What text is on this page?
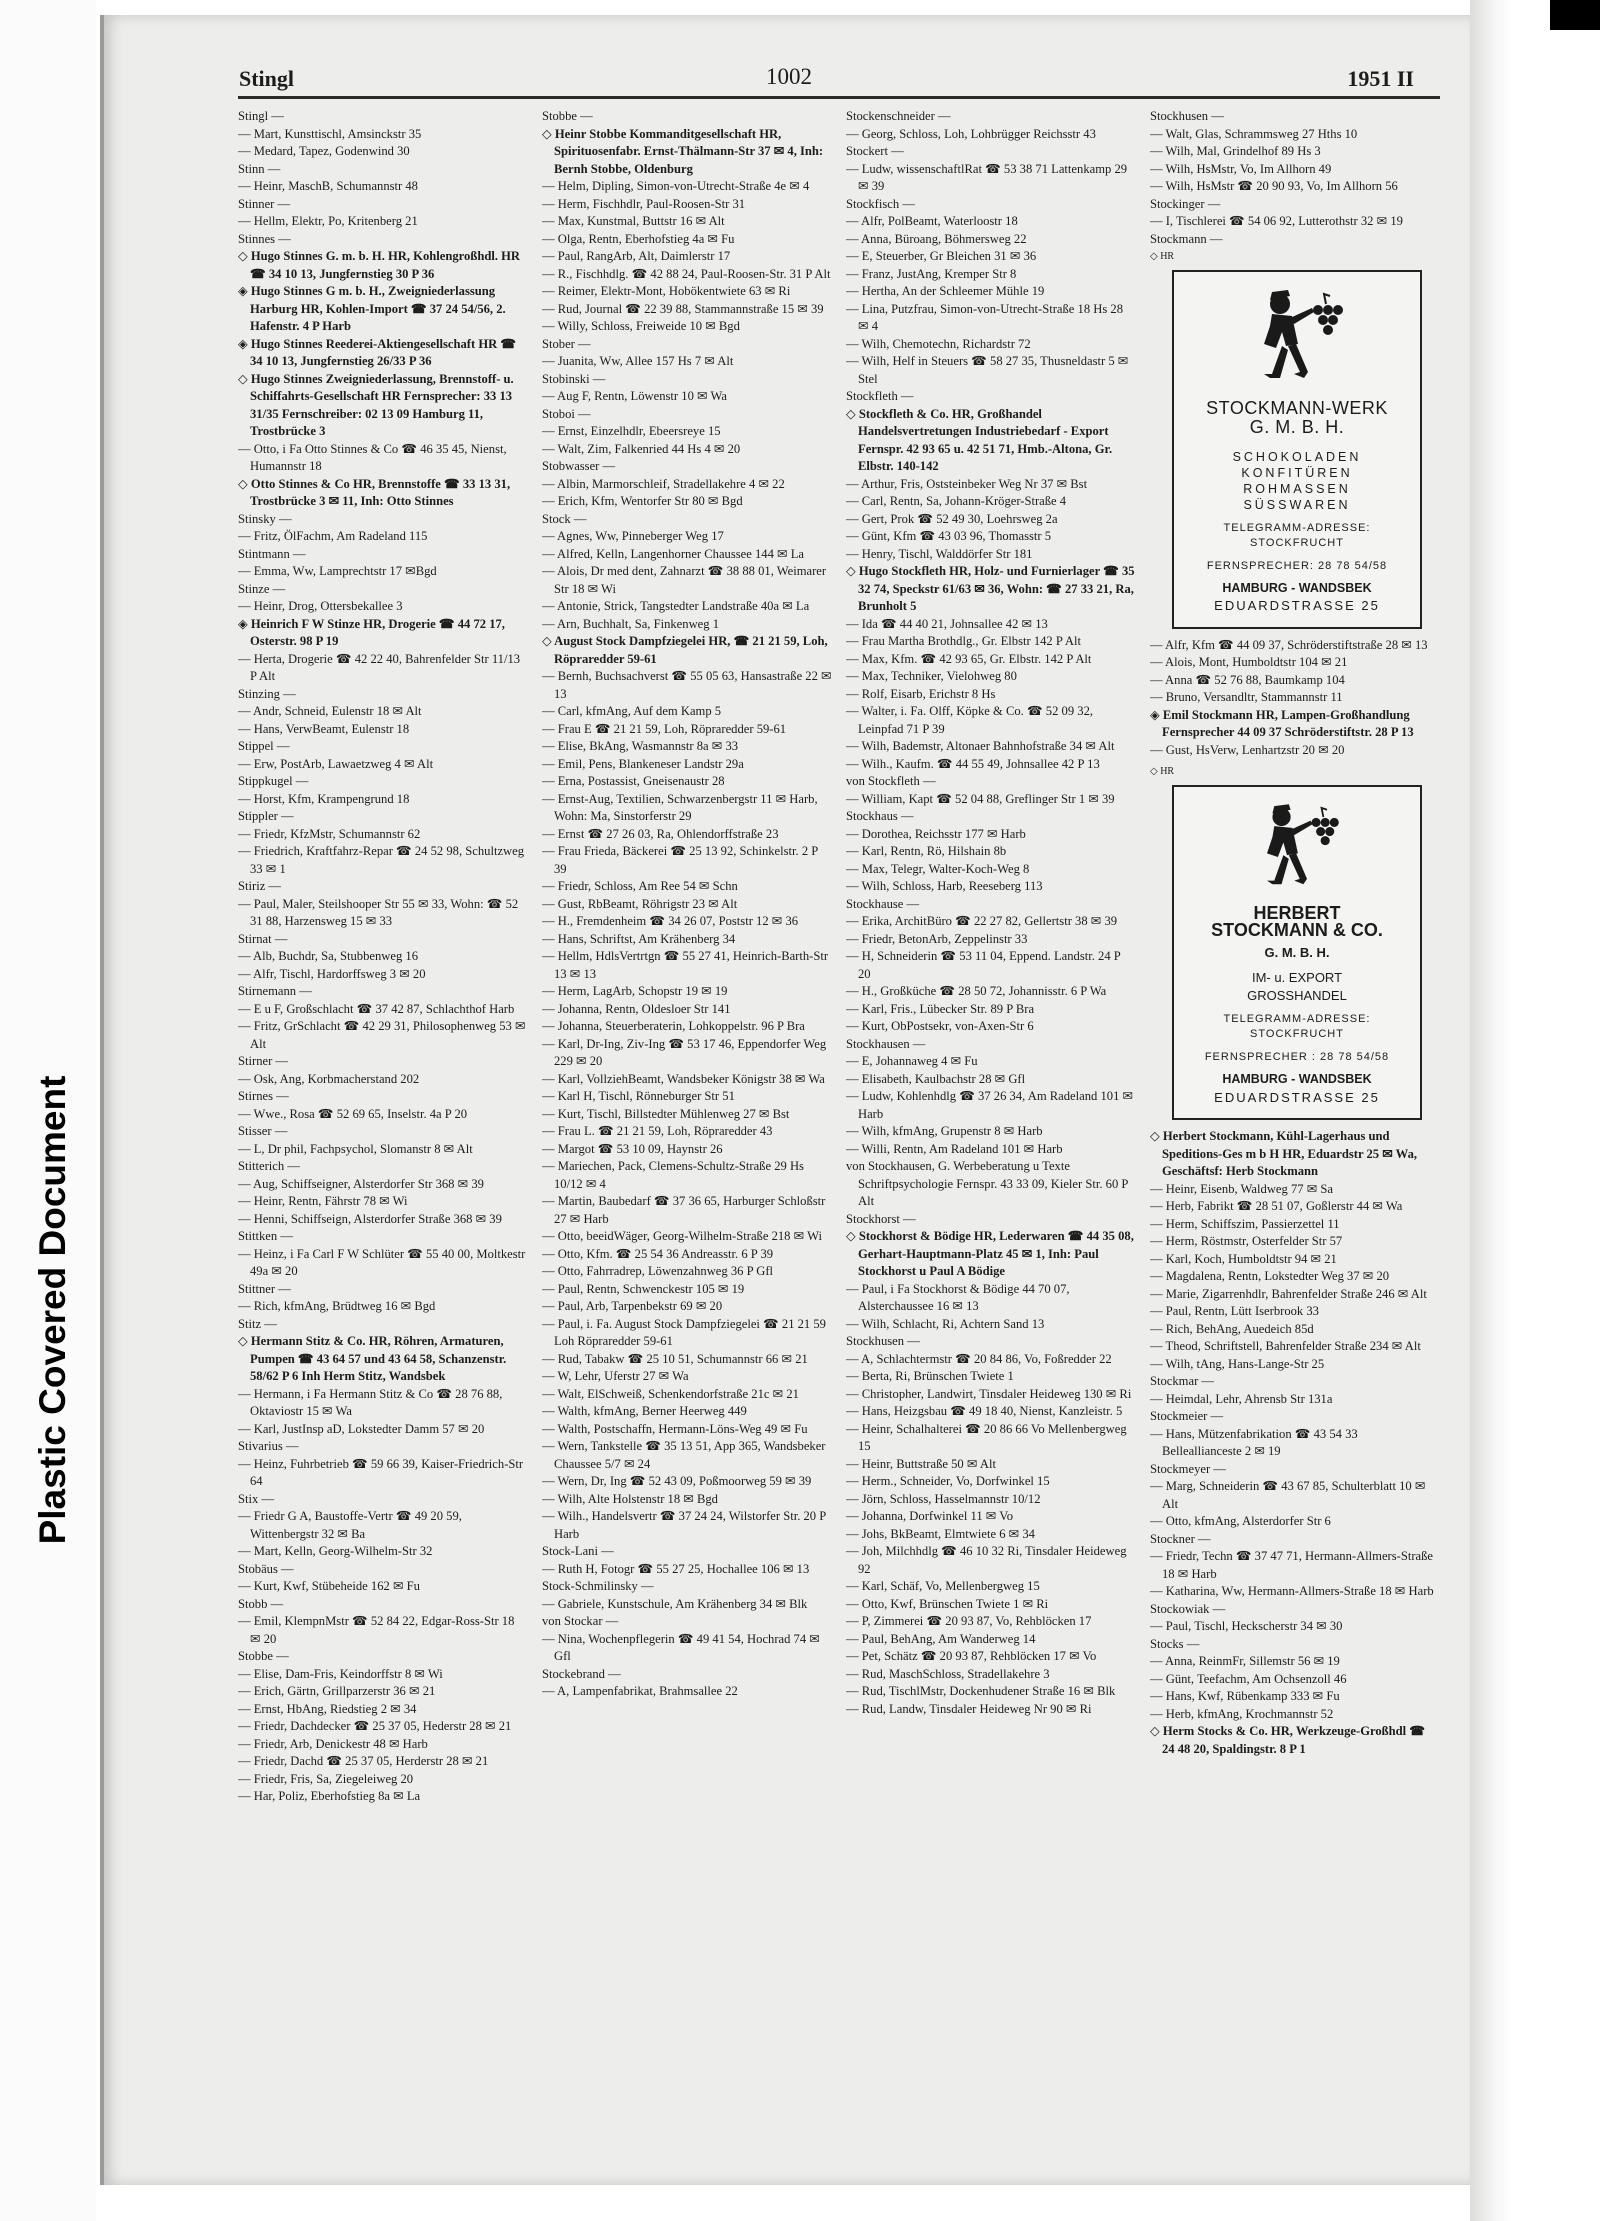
Plastic Covered Document
Stingl	1002	1951 II

Stingl —

— Mart, Kunsttischl, Amsinckstr 35

— Medard, Tapez, Godenwind 30

Stinn —

— Heinr, MaschB, Schumannstr 48

Stinner —

— Hellm, Elektr, Po, Kritenberg 21

Stinnes —

◇ Hugo Stinnes G. m. b. H. HR, Kohlengroßhdl. HR ☎ 34 10 13, Jungfernstieg 30 P 36

◈ Hugo Stinnes G m. b. H., Zweigniederlassung Harburg HR, Kohlen-Import ☎ 37 24 54/56, 2. Hafenstr. 4 P Harb

◈ Hugo Stinnes Reederei-Aktiengesellschaft HR ☎ 34 10 13, Jungfernstieg 26/33 P 36

◇ Hugo Stinnes Zweigniederlassung, Brennstoff- u. Schiffahrts-Gesellschaft HR Fernsprecher: 33 13 31/35 Fernschreiber: 02 13 09 Hamburg 11, Trostbrücke 3

— Otto, i Fa Otto Stinnes & Co ☎ 46 35 45, Nienst, Humannstr 18

◇ Otto Stinnes & Co HR, Brennstoffe ☎ 33 13 31, Trostbrücke 3 ✉ 11, Inh: Otto Stinnes

Stinsky —

— Fritz, ÖlFachm, Am Radeland 115

Stintmann —

— Emma, Ww, Lamprechtstr 17 ✉Bgd

Stinze —

— Heinr, Drog, Ottersbekallee 3

◈ Heinrich F W Stinze HR, Drogerie ☎ 44 72 17, Osterstr. 98 P 19

— Herta, Drogerie ☎ 42 22 40, Bahrenfelder Str 11/13 P Alt

Stinzing —

— Andr, Schneid, Eulenstr 18 ✉ Alt

— Hans, VerwBeamt, Eulenstr 18

Stippel —

— Erw, PostArb, Lawaetzweg 4 ✉ Alt

Stippkugel —

— Horst, Kfm, Krampengrund 18

Stippler —

— Friedr, KfzMstr, Schumannstr 62

— Friedrich, Kraftfahrz-Repar ☎ 24 52 98, Schultzweg 33 ✉ 1

Stiriz —

— Paul, Maler, Steilshooper Str 55 ✉ 33, Wohn: ☎ 52 31 88, Harzensweg 15 ✉ 33

Stirnat —

— Alb, Buchdr, Sa, Stubbenweg 16

— Alfr, Tischl, Hardorffsweg 3 ✉ 20

Stirnemann —

— E u F, Großschlacht ☎ 37 42 87, Schlachthof Harb

— Fritz, GrSchlacht ☎ 42 29 31, Philosophenweg 53 ✉ Alt

Stirner —

— Osk, Ang, Korbmacherstand 202

Stirnes —

— Wwe., Rosa ☎ 52 69 65, Inselstr. 4a P 20

Stisser —

— L, Dr phil, Fachpsychol, Slomanstr 8 ✉ Alt

Stitterich —

— Aug, Schiffseigner, Alsterdorfer Str 368 ✉ 39

— Heinr, Rentn, Fährstr 78 ✉ Wi

— Henni, Schiffseign, Alsterdorfer Straße 368 ✉ 39

Stittken —

— Heinz, i Fa Carl F W Schlüter ☎ 55 40 00, Moltkestr 49a ✉ 20

Stittner —

— Rich, kfmAng, Brüdtweg 16 ✉ Bgd

Stitz —

◇ Hermann Stitz & Co. HR, Röhren, Armaturen, Pumpen ☎ 43 64 57 und 43 64 58, Schanzenstr. 58/62 P 6 Inh Herm Stitz, Wandsbek

— Hermann, i Fa Hermann Stitz & Co ☎ 28 76 88, Oktaviostr 15 ✉ Wa

— Karl, JustInsp aD, Lokstedter Damm 57 ✉ 20

Stivarius —

— Heinz, Fuhrbetrieb ☎ 59 66 39, Kaiser-Friedrich-Str 64

Stix —

— Friedr G A, Baustoffe-Vertr ☎ 49 20 59, Wittenbergstr 32 ✉ Ba

— Mart, Kelln, Georg-Wilhelm-Str 32

Stobäus —

— Kurt, Kwf, Stübeheide 162 ✉ Fu

Stobb —

— Emil, KlempnMstr ☎ 52 84 22, Edgar-Ross-Str 18 ✉ 20

Stobbe —

— Elise, Dam-Fris, Keindorffstr 8 ✉ Wi

— Erich, Gärtn, Grillparzerstr 36 ✉ 21

— Ernst, HbAng, Riedstieg 2 ✉ 34

— Friedr, Dachdecker ☎ 25 37 05, Hederstr 28 ✉ 21

— Friedr, Arb, Denickestr 48 ✉ Harb

— Friedr, Dachd ☎ 25 37 05, Herderstr 28 ✉ 21

— Friedr, Fris, Sa, Ziegeleiweg 20

— Har, Poliz, Eberhofstieg 8a ✉ La

Stobbe —

◇ Heinr Stobbe Kommanditgesellschaft HR, Spirituosenfabr. Ernst-Thälmann-Str 37 ✉ 4, Inh: Bernh Stobbe, Oldenburg

— Helm, Dipling, Simon-von-Utrecht-Straße 4e ✉ 4

— Herm, Fischhdlr, Paul-Roosen-Str 31

— Max, Kunstmal, Buttstr 16 ✉ Alt

— Olga, Rentn, Eberhofstieg 4a ✉ Fu

— Paul, RangArb, Alt, Daimlerstr 17

— R., Fischhdlg. ☎ 42 88 24, Paul-Roosen-Str. 31 P Alt

— Reimer, Elektr-Mont, Hobökentwiete 63 ✉ Ri

— Rud, Journal ☎ 22 39 88, Stammannstraße 15 ✉ 39

— Willy, Schloss, Freiweide 10 ✉ Bgd

Stober —

— Juanita, Ww, Allee 157 Hs 7 ✉ Alt

Stobinski —

— Aug F, Rentn, Löwenstr 10 ✉ Wa

Stoboi —

— Ernst, Einzelhdlr, Ebeersreye 15

— Walt, Zim, Falkenried 44 Hs 4 ✉ 20

Stobwasser —

— Albin, Marmorschleif, Stradellakehre 4 ✉ 22

— Erich, Kfm, Wentorfer Str 80 ✉ Bgd

Stock —

— Agnes, Ww, Pinneberger Weg 17

— Alfred, Kelln, Langenhorner Chaussee 144 ✉ La

— Alois, Dr med dent, Zahnarzt ☎ 38 88 01, Weimarer Str 18 ✉ Wi

— Antonie, Strick, Tangstedter Landstraße 40a ✉ La

— Arn, Buchhalt, Sa, Finkenweg 1

◇ August Stock Dampfziegelei HR, ☎ 21 21 59, Loh, Röpraredder 59-61

— Bernh, Buchsachverst ☎ 55 05 63, Hansastraße 22 ✉ 13

— Carl, kfmAng, Auf dem Kamp 5

— Frau E ☎ 21 21 59, Loh, Röpraredder 59-61

— Elise, BkAng, Wasmannstr 8a ✉ 33

— Emil, Pens, Blankeneser Landstr 29a

— Erna, Postassist, Gneisenaustr 28

— Ernst-Aug, Textilien, Schwarzenbergstr 11 ✉ Harb, Wohn: Ma, Sinstorferstr 29

— Ernst ☎ 27 26 03, Ra, Ohlendorffstraße 23

— Frau Frieda, Bäckerei ☎ 25 13 92, Schinkelstr. 2 P 39

— Friedr, Schloss, Am Ree 54 ✉ Schn

— Gust, RbBeamt, Röhrigstr 23 ✉ Alt

— H., Fremdenheim ☎ 34 26 07, Poststr 12 ✉ 36

— Hans, Schriftst, Am Krähenberg 34

— Hellm, HdlsVertrtgn ☎ 55 27 41, Heinrich-Barth-Str 13 ✉ 13

— Herm, LagArb, Schopstr 19 ✉ 19

— Johanna, Rentn, Oldesloer Str 141

— Johanna, Steuerberaterin, Lohkoppelstr. 96 P Bra

— Karl, Dr-Ing, Ziv-Ing ☎ 53 17 46, Eppendorfer Weg 229 ✉ 20

— Karl, VollziehBeamt, Wandsbeker Königstr 38 ✉ Wa

— Karl H, Tischl, Rönneburger Str 51

— Kurt, Tischl, Billstedter Mühlenweg 27 ✉ Bst

— Frau L. ☎ 21 21 59, Loh, Röpraredder 43

— Margot ☎ 53 10 09, Haynstr 26

— Mariechen, Pack, Clemens-Schultz-Straße 29 Hs 10/12 ✉ 4

— Martin, Baubedarf ☎ 37 36 65, Harburger Schloßstr 27 ✉ Harb

— Otto, beeidWäger, Georg-Wilhelm-Straße 218 ✉ Wi

— Otto, Kfm. ☎ 25 54 36 Andreasstr. 6 P 39

— Otto, Fahrradrep, Löwenzahnweg 36 P Gfl

— Paul, Rentn, Schwenckestr 105 ✉ 19

— Paul, Arb, Tarpenbekstr 69 ✉ 20

— Paul, i. Fa. August Stock Dampfziegelei ☎ 21 21 59 Loh Röpraredder 59-61

— Rud, Tabakw ☎ 25 10 51, Schumannstr 66 ✉ 21

— W, Lehr, Uferstr 27 ✉ Wa

— Walt, ElSchweiß, Schenkendorfstraße 21c ✉ 21

— Walth, kfmAng, Berner Heerweg 449

— Walth, Postschaffn, Hermann-Löns-Weg 49 ✉ Fu

— Wern, Tankstelle ☎ 35 13 51, App 365, Wandsbeker Chaussee 5/7 ✉ 24

— Wern, Dr, Ing ☎ 52 43 09, Poßmoorweg 59 ✉ 39

— Wilh, Alte Holstenstr 18 ✉ Bgd

— Wilh., Handelsvertr ☎ 37 24 24, Wilstorfer Str. 20 P Harb

Stock-Lani —

— Ruth H, Fotogr ☎ 55 27 25, Hochallee 106 ✉ 13

Stock-Schmilinsky —

— Gabriele, Kunstschule, Am Krähenberg 34 ✉ Blk

von Stockar —

— Nina, Wochenpflegerin ☎ 49 41 54, Hochrad 74 ✉ Gfl

Stockebrand —

— A, Lampenfabrikat, Brahmsallee 22

Stockenschneider —

— Georg, Schloss, Loh, Lohbrügger Reichsstr 43

Stockert —

— Ludw, wissenschaftlRat ☎ 53 38 71 Lattenkamp 29 ✉ 39

Stockfisch —

— Alfr, PolBeamt, Waterloostr 18

— Anna, Büroang, Böhmersweg 22

— E, Steuerber, Gr Bleichen 31 ✉ 36

— Franz, JustAng, Kremper Str 8

— Hertha, An der Schleemer Mühle 19

— Lina, Putzfrau, Simon-von-Utrecht-Straße 18 Hs 28 ✉ 4

— Wilh, Chemotechn, Richardstr 72

— Wilh, Helf in Steuers ☎ 58 27 35, Thusneldastr 5 ✉ Stel

Stockfleth —

◇ Stockfleth & Co. HR, Großhandel Handelsvertretungen Industriebedarf - Export Fernspr. 42 93 65 u. 42 51 71, Hmb.-Altona, Gr. Elbstr. 140-142

— Arthur, Fris, Oststeinbeker Weg Nr 37 ✉ Bst

— Carl, Rentn, Sa, Johann-Kröger-Straße 4

— Gert, Prok ☎ 52 49 30, Loehrsweg 2a

— Günt, Kfm ☎ 43 03 96, Thomasstr 5

— Henry, Tischl, Walddörfer Str 181

◇ Hugo Stockfleth HR, Holz- und Furnierlager ☎ 35 32 74, Speckstr 61/63 ✉ 36, Wohn: ☎ 27 33 21, Ra, Brunholt 5

— Ida ☎ 44 40 21, Johnsallee 42 ✉ 13

— Frau Martha Brothdlg., Gr. Elbstr 142 P Alt

— Max, Kfm. ☎ 42 93 65, Gr. Elbstr. 142 P Alt

— Max, Techniker, Vielohweg 80

— Rolf, Eisarb, Erichstr 8 Hs

— Walter, i. Fa. Olff, Köpke & Co. ☎ 52 09 32, Leinpfad 71 P 39

— Wilh, Bademstr, Altonaer Bahnhofstraße 34 ✉ Alt

— Wilh., Kaufm. ☎ 44 55 49, Johnsallee 42 P 13

von Stockfleth —

— William, Kapt ☎ 52 04 88, Greflinger Str 1 ✉ 39

Stockhaus —

— Dorothea, Reichsstr 177 ✉ Harb

— Karl, Rentn, Rö, Hilshain 8b

— Max, Telegr, Walter-Koch-Weg 8

— Wilh, Schloss, Harb, Reeseberg 113

Stockhause —

— Erika, ArchitBüro ☎ 22 27 82, Gellertstr 38 ✉ 39

— Friedr, BetonArb, Zeppelinstr 33

— H, Schneiderin ☎ 53 11 04, Eppend. Landstr. 24 P 20

— H., Großküche ☎ 28 50 72, Johannisstr. 6 P Wa

— Karl, Fris., Lübecker Str. 89 P Bra

— Kurt, ObPostsekr, von-Axen-Str 6

Stockhausen —

— E, Johannaweg 4 ✉ Fu

— Elisabeth, Kaulbachstr 28 ✉ Gfl

— Ludw, Kohlenhdlg ☎ 37 26 34, Am Radeland 101 ✉ Harb

— Wilh, kfmAng, Grupenstr 8 ✉ Harb

— Willi, Rentn, Am Radeland 101 ✉ Harb

von Stockhausen, G. Werbeberatung u Texte Schriftpsychologie Fernspr. 43 33 09, Kieler Str. 60 P Alt

Stockhorst —

◇ Stockhorst & Bödige HR, Lederwaren ☎ 44 35 08, Gerhart-Hauptmann-Platz 45 ✉ 1, Inh: Paul Stockhorst u Paul A Bödige

— Paul, i Fa Stockhorst & Bödige 44 70 07, Alsterchaussee 16 ✉ 13

— Wilh, Schlacht, Ri, Achtern Sand 13

Stockhusen —

— A, Schlachtermstr ☎ 20 84 86, Vo, Foßredder 22

— Berta, Ri, Brünschen Twiete 1

— Christopher, Landwirt, Tinsdaler Heideweg 130 ✉ Ri

— Hans, Heizgsbau ☎ 49 18 40, Nienst, Kanzleistr. 5

— Heinr, Schalhalterei ☎ 20 86 66 Vo Mellenbergweg 15

— Heinr, Buttstraße 50 ✉ Alt

— Herm., Schneider, Vo, Dorfwinkel 15

— Jörn, Schloss, Hasselmannstr 10/12

— Johanna, Dorfwinkel 11 ✉ Vo

— Johs, BkBeamt, Elmtwiete 6 ✉ 34

— Joh, Milchhdlg ☎ 46 10 32 Ri, Tinsdaler Heideweg 92

— Karl, Schäf, Vo, Mellenbergweg 15

— Otto, Kwf, Brünschen Twiete 1 ✉ Ri

— P, Zimmerei ☎ 20 93 87, Vo, Rehblöcken 17

— Paul, BehAng, Am Wanderweg 14

— Pet, Schätz ☎ 20 93 87, Rehblöcken 17 ✉ Vo

— Rud, MaschSchloss, Stradellakehre 3

— Rud, TischlMstr, Dockenhudener Straße 16 ✉ Blk

— Rud, Landw, Tinsdaler Heideweg Nr 90 ✉ Ri

Stockhusen —

— Walt, Glas, Schrammsweg 27 Hths 10

— Wilh, Mal, Grindelhof 89 Hs 3

— Wilh, HsMstr, Vo, Im Allhorn 49

— Wilh, HsMstr ☎ 20 90 93, Vo, Im Allhorn 56

Stockinger —

— I, Tischlerei ☎ 54 06 92, Lutterothstr 32 ✉ 19

Stockmann —

◇ HR
STOCKMANN-WERK
G. M. B. H.
SCHOKOLADEN
KONFITÜREN
ROHMASSEN
SÜSSWAREN
TELEGRAMM-ADRESSE:
STOCKFRUCHT
FERNSPRECHER: 28 78 54/58
HAMBURG - WANDSBEK
EDUARDSTRASSE 25

— Alfr, Kfm ☎ 44 09 37, Schröderstiftstraße 28 ✉ 13

— Alois, Mont, Humboldtstr 104 ✉ 21

— Anna ☎ 52 76 88, Baumkamp 104

— Bruno, Versandltr, Stammannstr 11

◈ Emil Stockmann HR, Lampen-Großhandlung Fernsprecher 44 09 37 Schröderstiftstr. 28 P 13

— Gust, HsVerw, Lenhartzstr 20 ✉ 20

◇ HR
HERBERT
STOCKMANN & CO.
G. M. B. H.
IM- u. EXPORT
GROSSHANDEL
TELEGRAMM-ADRESSE:
STOCKFRUCHT
FERNSPRECHER : 28 78 54/58
HAMBURG - WANDSBEK
EDUARDSTRASSE 25

◇ Herbert Stockmann, Kühl-Lagerhaus und Speditions-Ges m b H HR, Eduardstr 25 ✉ Wa, Geschäftsf: Herb Stockmann

— Heinr, Eisenb, Waldweg 77 ✉ Sa

— Herb, Fabrikt ☎ 28 51 07, Goßlerstr 44 ✉ Wa

— Herm, Schiffszim, Passierzettel 11

— Herm, Röstmstr, Osterfelder Str 57

— Karl, Koch, Humboldtstr 94 ✉ 21

— Magdalena, Rentn, Lokstedter Weg 37 ✉ 20

— Marie, Zigarrenhdlr, Bahrenfelder Straße 246 ✉ Alt

— Paul, Rentn, Lütt Iserbrook 33

— Rich, BehAng, Auedeich 85d

— Theod, Schriftstell, Bahrenfelder Straße 234 ✉ Alt

— Wilh, tAng, Hans-Lange-Str 25

Stockmar —

— Heimdal, Lehr, Ahrensb Str 131a

Stockmeier —

— Hans, Mützenfabrikation ☎ 43 54 33 Belleallianceste 2 ✉ 19

Stockmeyer —

— Marg, Schneiderin ☎ 43 67 85, Schulterblatt 10 ✉ Alt

— Otto, kfmAng, Alsterdorfer Str 6

Stockner —

— Friedr, Techn ☎ 37 47 71, Hermann-Allmers-Straße 18 ✉ Harb

— Katharina, Ww, Hermann-Allmers-Straße 18 ✉ Harb

Stockowiak —

— Paul, Tischl, Heckscherstr 34 ✉ 30

Stocks —

— Anna, ReinmFr, Sillemstr 56 ✉ 19

— Günt, Teefachm, Am Ochsenzoll 46

— Hans, Kwf, Rübenkamp 333 ✉ Fu

— Herb, kfmAng, Krochmannstr 52

◇ Herm Stocks & Co. HR, Werkzeuge-Großhdl ☎ 24 48 20, Spaldingstr. 8 P 1
